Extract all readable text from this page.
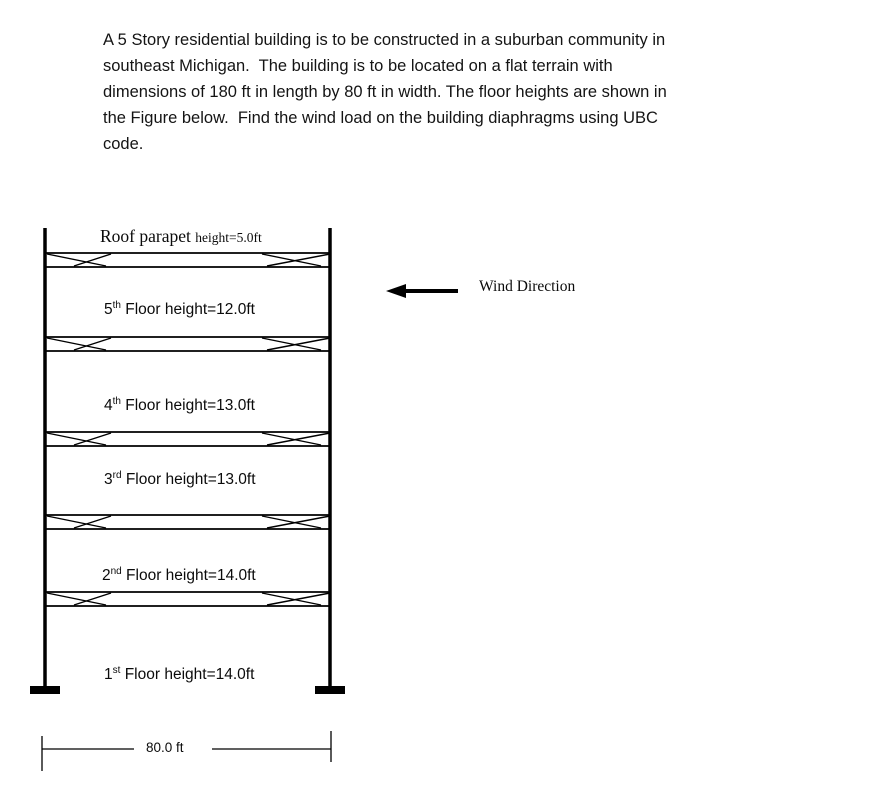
A 5 Story residential building is to be constructed in a suburban community in
southeast Michigan.  The building is to be located on a flat terrain with
dimensions of 180 ft in length by 80 ft in width. The floor heights are shown in
the Figure below.  Find the wind load on the building diaphragms using UBC
code.
Roof parapet height=5.0ft
5th Floor height=12.0ft
4th Floor height=13.0ft
3rd Floor height=13.0ft
2nd Floor height=14.0ft
1st Floor height=14.0ft
Wind Direction
80.0 ft
